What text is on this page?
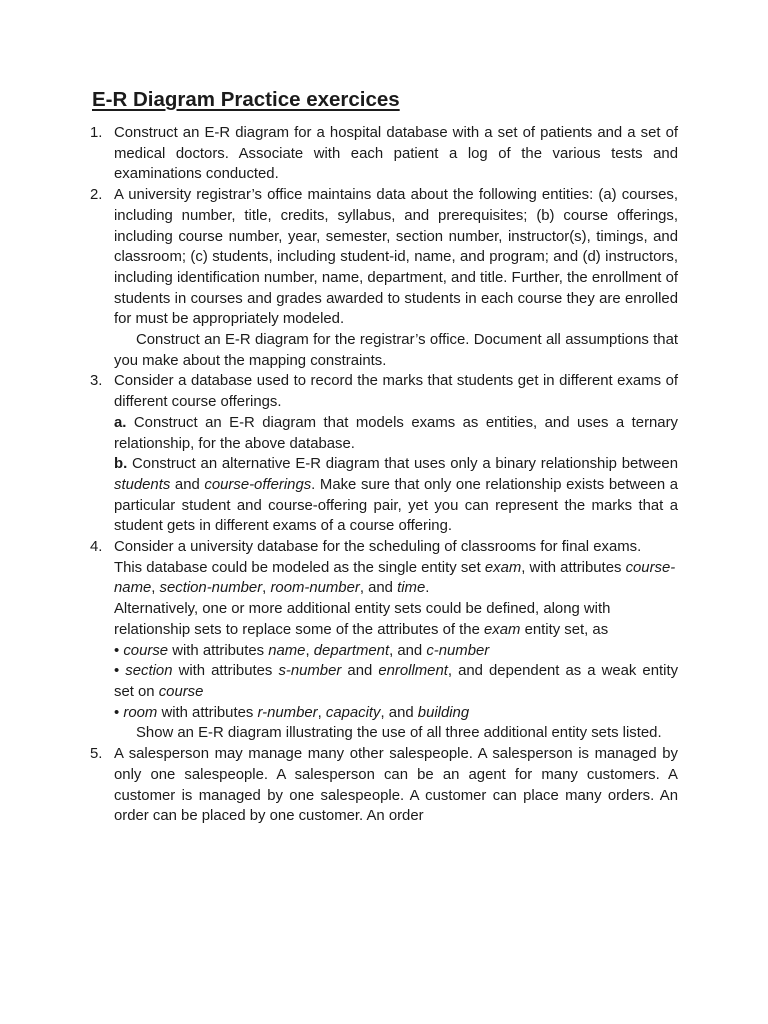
E-R Diagram Practice exercices
1. Construct an E-R diagram for a hospital database with a set of patients and a set of medical doctors. Associate with each patient a log of the various tests and examinations conducted.
2. A university registrar’s office maintains data about the following entities: (a) courses, including number, title, credits, syllabus, and prerequisites; (b) course offerings, including course number, year, semester, section number, instructor(s), timings, and classroom; (c) students, including student-id, name, and program; and (d) instructors, including identification number, name, department, and title. Further, the enrollment of students in courses and grades awarded to students in each course they are enrolled for must be appropriately modeled.
Construct an E-R diagram for the registrar’s office. Document all assumptions that you make about the mapping constraints.
3. Consider a database used to record the marks that students get in different exams of different course offerings.
a. Construct an E-R diagram that models exams as entities, and uses a ternary relationship, for the above database.
b. Construct an alternative E-R diagram that uses only a binary relationship between students and course-offerings. Make sure that only one relationship exists between a particular student and course-offering pair, yet you can represent the marks that a student gets in different exams of a course offering.
4. Consider a university database for the scheduling of classrooms for final exams.
This database could be modeled as the single entity set exam, with attributes course-name, section-number, room-number, and time.
Alternatively, one or more additional entity sets could be defined, along with relationship sets to replace some of the attributes of the exam entity set, as
• course with attributes name, department, and c-number
• section with attributes s-number and enrollment, and dependent as a weak entity set on course
• room with attributes r-number, capacity, and building
Show an E-R diagram illustrating the use of all three additional entity sets listed.
5. A salesperson may manage many other salespeople. A salesperson is managed by only one salespeople. A salesperson can be an agent for many customers. A customer is managed by one salespeople. A customer can place many orders. An order can be placed by one customer. An order
